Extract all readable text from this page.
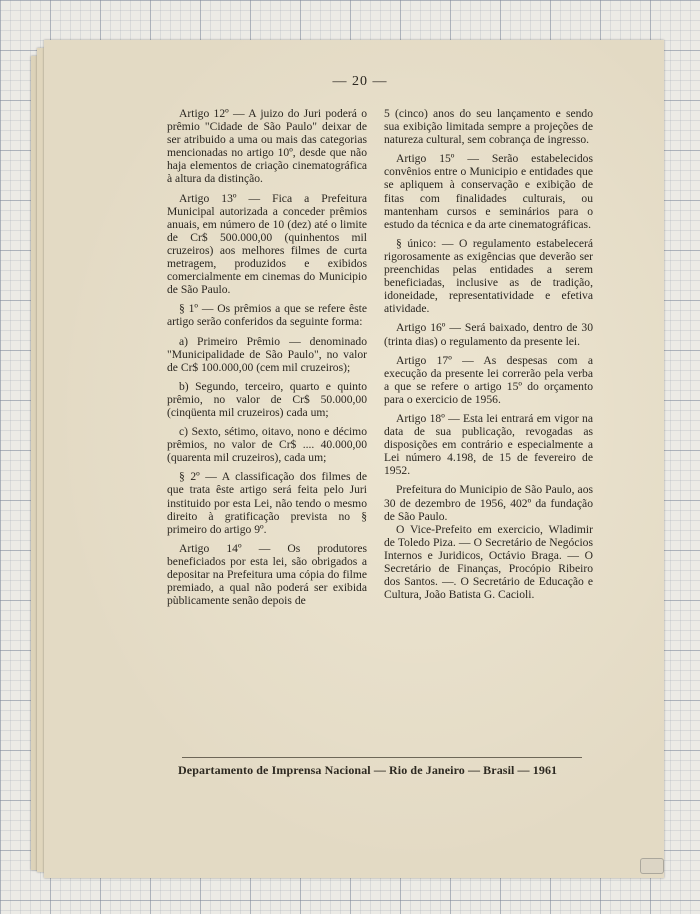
— 20 —

Artigo 12º — A juizo do Juri poderá o prêmio "Cidade de São Paulo" deixar de ser atribuido a uma ou mais das categorias mencionadas no artigo 10º, desde que não haja elementos de criação cinematográfica à altura da distinção.

Artigo 13º — Fica a Prefeitura Municipal autorizada a conceder prêmios anuais, em número de 10 (dez) até o limite de Cr$ 500.000,00 (quinhentos mil cruzeiros) aos melhores filmes de curta metragem, produzidos e exibidos comercialmente em cinemas do Municipio de São Paulo.

§ 1º — Os prêmios a que se refere êste artigo serão conferidos da seguinte forma:

a) Primeiro Prêmio — denominado "Municipalidade de São Paulo", no valor de Cr$ 100.000,00 (cem mil cruzeiros);

b) Segundo, terceiro, quarto e quinto prêmio, no valor de Cr$ 50.000,00 (cinqüenta mil cruzeiros) cada um;

c) Sexto, sétimo, oitavo, nono e décimo prêmios, no valor de Cr$ .... 40.000,00 (quarenta mil cruzeiros), cada um;

§ 2º — A classificação dos filmes de que trata êste artigo será feita pelo Juri instituido por esta Lei, não tendo o mesmo direito à gratificação prevista no § primeiro do artigo 9º.

Artigo 14º — Os produtores beneficiados por esta lei, são obrigados a depositar na Prefeitura uma cópia do filme premiado, a qual não poderá ser exibida pùblicamente senão depois de

5 (cinco) anos do seu lançamento e sendo sua exibição limitada sempre a projeções de natureza cultural, sem cobrança de ingresso.

Artigo 15º — Serão estabelecidos convênios entre o Municipio e entidades que se apliquem à conservação e exibição de fitas com finalidades culturais, ou mantenham cursos e seminários para o estudo da técnica e da arte cinematográficas.

§ único: — O regulamento estabelecerá rigorosamente as exigências que deverão ser preenchidas pelas entidades a serem beneficiadas, inclusive as de tradição, idoneidade, representatividade e efetiva atividade.

Artigo 16º — Será baixado, dentro de 30 (trinta dias) o regulamento da presente lei.

Artigo 17º — As despesas com a execução da presente lei correrão pela verba a que se refere o artigo 15º do orçamento para o exercicio de 1956.

Artigo 18º — Esta lei entrará em vigor na data de sua publicação, revogadas as disposições em contrário e especialmente a Lei número 4.198, de 15 de fevereiro de 1952.

Prefeitura do Municipio de São Paulo, aos 30 de dezembro de 1956, 402º da fundação de São Paulo.

O Vice-Prefeito em exercicio, Wladimir de Toledo Piza. — O Secretário de Negócios Internos e Juridicos, Octávio Braga. — O Secretário de Finanças, Procópio Ribeiro dos Santos. —. O Secretário de Educação e Cultura, João Batista G. Cacioli.

Departamento de Imprensa Nacional — Rio de Janeiro — Brasil — 1961
